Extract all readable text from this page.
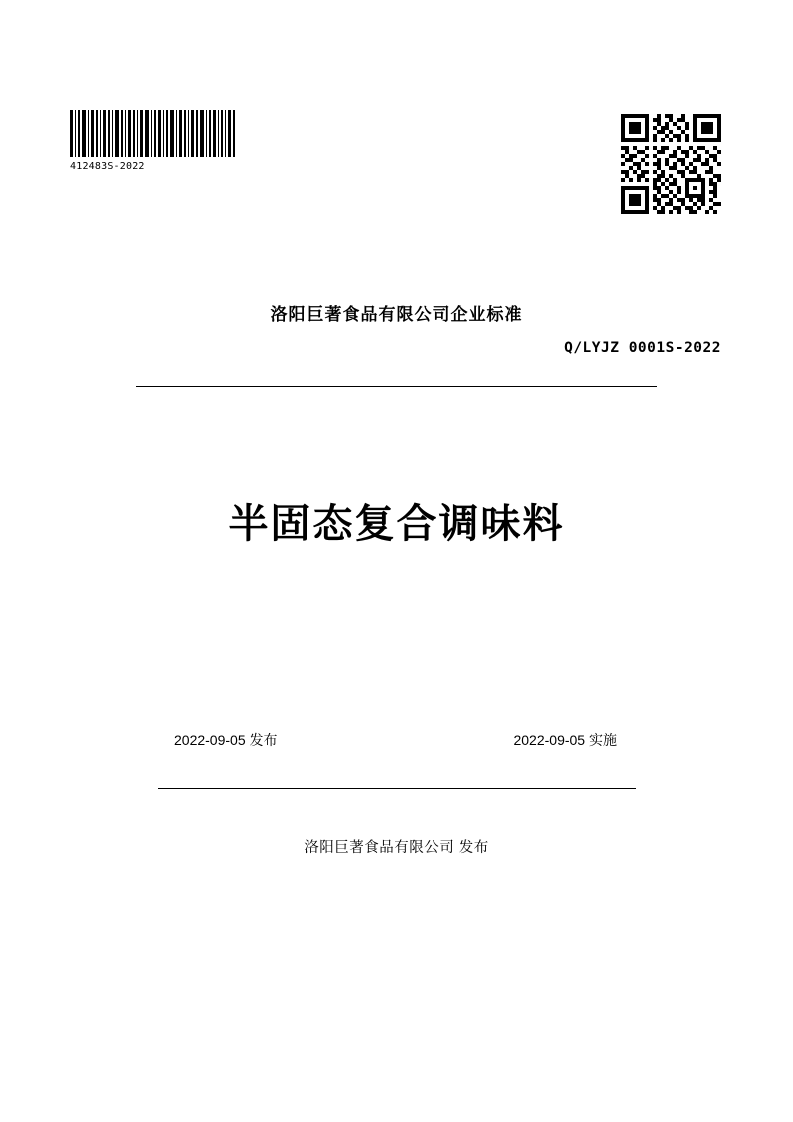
412483S-2022
洛阳巨著食品有限公司企业标准
Q/LYJZ 0001S-2022
半固态复合调味料
2022-09-05 发布	2022-09-05 实施
洛阳巨著食品有限公司 发布
